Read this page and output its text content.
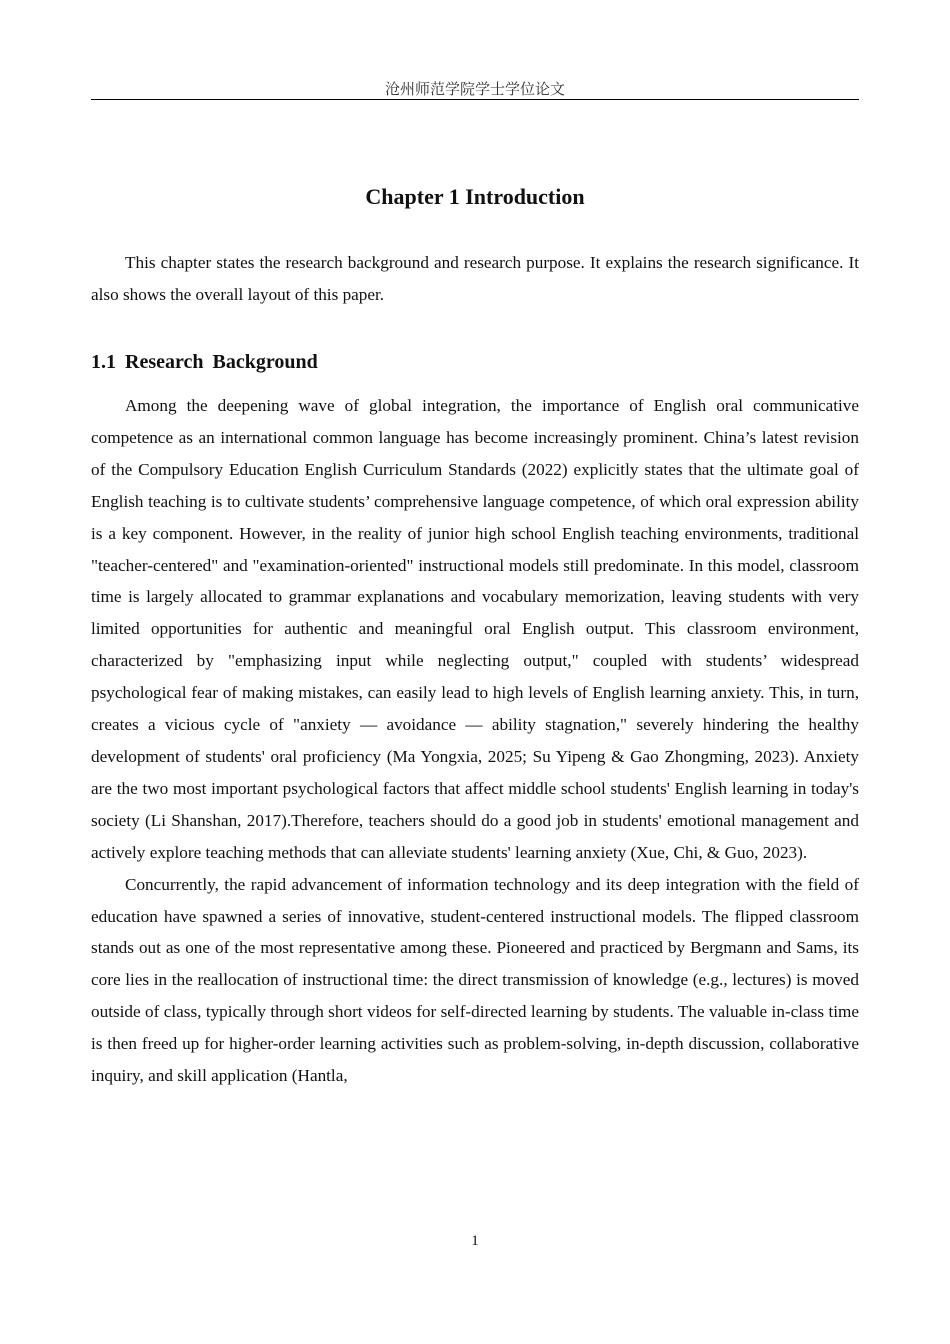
沧州师范学院学士学位论文
Chapter 1 Introduction

This chapter states the research background and research purpose. It explains the research significance. It also shows the overall layout of this paper.

1.1 Research Background

Among the deepening wave of global integration, the importance of English oral communicative competence as an international common language has become increasingly prominent. China’s latest revision of the Compulsory Education English Curriculum Standards (2022) explicitly states that the ultimate goal of English teaching is to cultivate students’ comprehensive language competence, of which oral expression ability is a key component. However, in the reality of junior high school English teaching environments, traditional "teacher-centered" and "examination-oriented" instructional models still predominate. In this model, classroom time is largely allocated to grammar explanations and vocabulary memorization, leaving students with very limited opportunities for authentic and meaningful oral English output. This classroom environment, characterized by "emphasizing input while neglecting output," coupled with students’ widespread psychological fear of making mistakes, can easily lead to high levels of English learning anxiety. This, in turn, creates a vicious cycle of "anxiety — avoidance — ability stagnation," severely hindering the healthy development of students' oral proficiency (Ma Yongxia, 2025; Su Yipeng & Gao Zhongming, 2023). Anxiety are the two most important psychological factors that affect middle school students' English learning in today's society (Li Shanshan, 2017).Therefore, teachers should do a good job in students' emotional management and actively explore teaching methods that can alleviate students' learning anxiety (Xue, Chi, & Guo, 2023).

Concurrently, the rapid advancement of information technology and its deep integration with the field of education have spawned a series of innovative, student-centered instructional models. The flipped classroom stands out as one of the most representative among these. Pioneered and practiced by Bergmann and Sams, its core lies in the reallocation of instructional time: the direct transmission of knowledge (e.g., lectures) is moved outside of class, typically through short videos for self-directed learning by students. The valuable in-class time is then freed up for higher-order learning activities such as problem-solving, in-depth discussion, collaborative inquiry, and skill application (Hantla,

1
